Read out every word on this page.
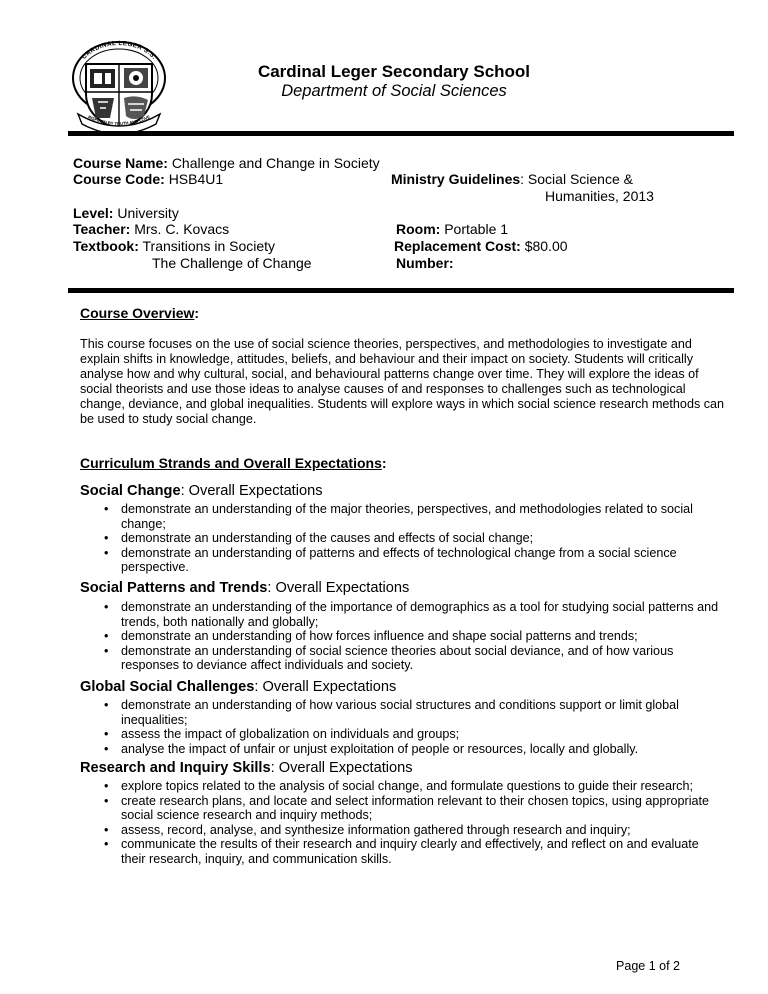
CARDINAL LEGER S.S.
INSPIRED BY TRUTH AND LOVE
Cardinal Leger Secondary School
Department of Social Sciences
Course Name: Challenge and Change in Society
Course Code: HSB4U1	Ministry Guidelines: Social Science &
Humanities, 2013
Level: University
Teacher: Mrs. C. Kovacs	Room: Portable 1
Textbook: Transitions in Society
The Challenge of Change
Replacement Cost: $80.00
Number:
Course Overview:
This course focuses on the use of social science theories, perspectives, and methodologies to investigate and explain shifts in knowledge, attitudes, beliefs, and behaviour and their impact on society. Students will critically analyse how and why cultural, social, and behavioural patterns change over time. They will explore the ideas of social theorists and use those ideas to analyse causes of and responses to challenges such as technological change, deviance, and global inequalities. Students will explore ways in which social science research methods can be used to study social change.
Curriculum Strands and Overall Expectations:
Social Change: Overall Expectations
• demonstrate an understanding of the major theories, perspectives, and methodologies related to social change;
• demonstrate an understanding of the causes and effects of social change;
• demonstrate an understanding of patterns and effects of technological change from a social science perspective.
Social Patterns and Trends: Overall Expectations
• demonstrate an understanding of the importance of demographics as a tool for studying social patterns and trends, both nationally and globally;
• demonstrate an understanding of how forces influence and shape social patterns and trends;
• demonstrate an understanding of social science theories about social deviance, and of how various responses to deviance affect individuals and society.
Global Social Challenges: Overall Expectations
• demonstrate an understanding of how various social structures and conditions support or limit global inequalities;
• assess the impact of globalization on individuals and groups;
• analyse the impact of unfair or unjust exploitation of people or resources, locally and globally.
Research and Inquiry Skills: Overall Expectations
• explore topics related to the analysis of social change, and formulate questions to guide their research;
• create research plans, and locate and select information relevant to their chosen topics, using appropriate social science research and inquiry methods;
• assess, record, analyse, and synthesize information gathered through research and inquiry;
• communicate the results of their research and inquiry clearly and effectively, and reflect on and evaluate their research, inquiry, and communication skills.
Page 1 of 2
